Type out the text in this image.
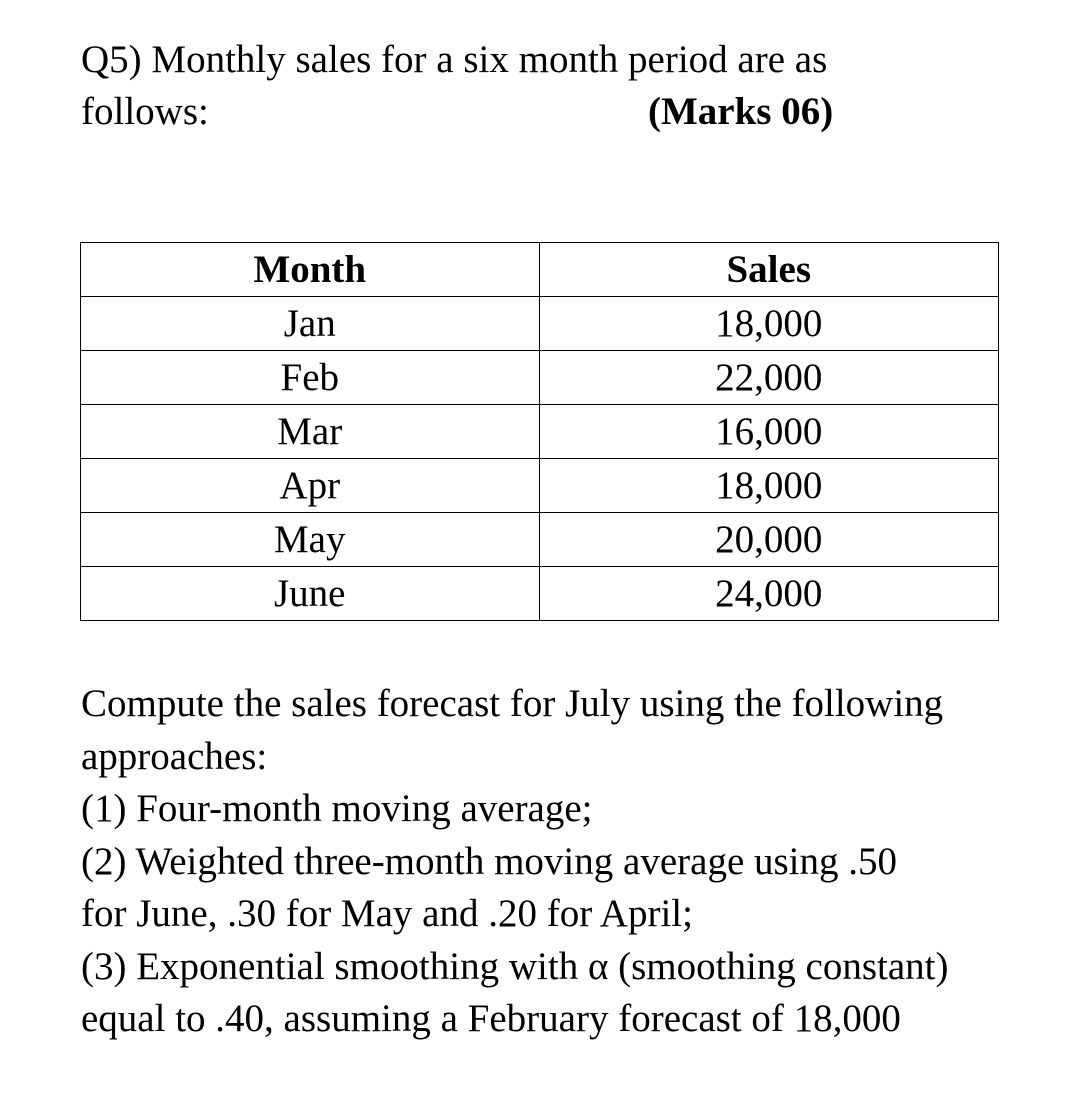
Q5) Monthly sales for a six month period are as
follows:	(Marks 06)
Month	Sales
Jan	18,000
Feb	22,000
Mar	16,000
Apr	18,000
May	20,000
June	24,000
Compute the sales forecast for July using the following
approaches:
(1) Four-month moving average;
(2) Weighted three-month moving average using .50
for June, .30 for May and .20 for April;
(3) Exponential smoothing with α (smoothing constant)
equal to .40, assuming a February forecast of 18,000
